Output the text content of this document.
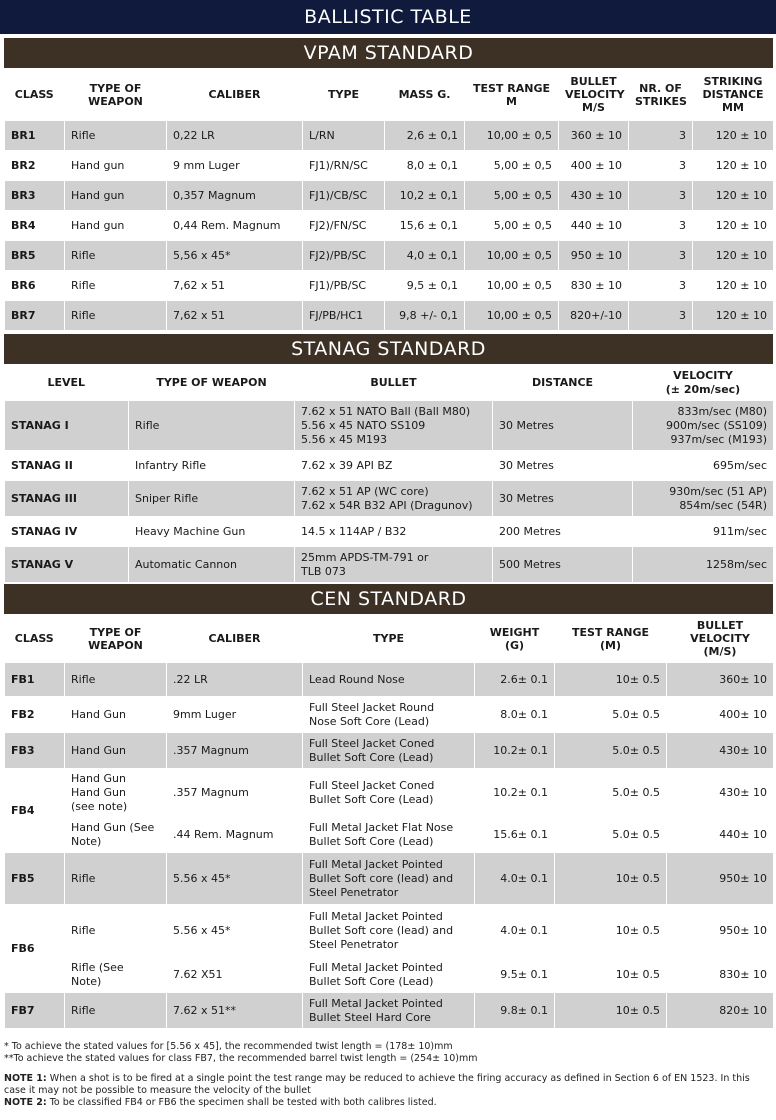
BALLISTIC TABLE
VPAM STANDARD
CLASS	TYPE OF WEAPON	CALIBER	TYPE	MASS G.	TEST RANGE M	BULLET VELOCITY M/S	NR. OF STRIKES	STRIKING DISTANCE MM
BR1	Rifle	0,22 LR	L/RN	2,6 ± 0,1	10,00 ± 0,5	360 ± 10	3	120 ± 10
BR2	Hand gun	9 mm Luger	FJ1)/RN/SC	8,0 ± 0,1	5,00 ± 0,5	400 ± 10	3	120 ± 10
BR3	Hand gun	0,357 Magnum	FJ1)/CB/SC	10,2 ± 0,1	5,00 ± 0,5	430 ± 10	3	120 ± 10
BR4	Hand gun	0,44 Rem. Magnum	FJ2)/FN/SC	15,6 ± 0,1	5,00 ± 0,5	440 ± 10	3	120 ± 10
BR5	Rifle	5,56 x 45*	FJ2)/PB/SC	4,0 ± 0,1	10,00 ± 0,5	950 ± 10	3	120 ± 10
BR6	Rifle	7,62 x 51	FJ1)/PB/SC	9,5 ± 0,1	10,00 ± 0,5	830 ± 10	3	120 ± 10
BR7	Rifle	7,62 x 51	FJ/PB/HC1	9,8 +/- 0,1	10,00 ± 0,5	820+/-10	3	120 ± 10
STANAG STANDARD
LEVEL	TYPE OF WEAPON	BULLET	DISTANCE	VELOCITY
(± 20m/sec)

STANAG I	Rifle	7.62 x 51 NATO Ball (Ball M80)
5.56 x 45 NATO SS109
5.56 x 45 M193	30 Metres	833m/sec (M80)
900m/sec (SS109)
937m/sec (M193)

STANAG II	Infantry Rifle	7.62 x 39 API BZ	30 Metres	695m/sec

STANAG III	Sniper Rifle	7.62 x 51 AP (WC core)
7.62 x 54R B32 API (Dragunov)	30 Metres	930m/sec (51 AP)
854m/sec (54R)

STANAG IV	Heavy Machine Gun	14.5 x 114AP / B32	200 Metres	911m/sec

STANAG V	Automatic Cannon	25mm APDS-TM-791 or
TLB 073	500 Metres	1258m/sec
CEN STANDARD
CLASS	TYPE OF WEAPON	CALIBER	TYPE	WEIGHT (G)	TEST RANGE (M)	BULLET VELOCITY (M/S)
FB1	Rifle	.22 LR	Lead Round Nose	2.6± 0.1	10± 0.5	360± 10
FB2	Hand Gun	9mm Luger	Full Steel Jacket Round
Nose Soft Core (Lead)	8.0± 0.1	5.0± 0.5	400± 10
FB3	Hand Gun	.357 Magnum	Full Steel Jacket Coned
Bullet Soft Core (Lead)	10.2± 0.1	5.0± 0.5	430± 10
FB4	Hand Gun
Hand Gun
(see note)	.357 Magnum	Full Steel Jacket Coned
Bullet Soft Core (Lead)	10.2± 0.1	5.0± 0.5	430± 10

	Hand Gun (See
Note)	.44 Rem. Magnum	Full Metal Jacket Flat Nose
Bullet Soft Core (Lead)	15.6± 0.1	5.0± 0.5	440± 10
FB5	Rifle	5.56 x 45*	Full Metal Jacket Pointed
Bullet Soft core (lead) and
Steel Penetrator	4.0± 0.1	10± 0.5	950± 10
FB6	Rifle	5.56 x 45*	Full Metal Jacket Pointed
Bullet Soft core (lead) and
Steel Penetrator	4.0± 0.1	10± 0.5	950± 10

	Rifle (See
Note)	7.62 X51	Full Metal Jacket Pointed
Bullet Soft Core (Lead)	9.5± 0.1	10± 0.5	830± 10
FB7	Rifle	7.62 x 51**	Full Metal Jacket Pointed
Bullet Steel Hard Core	9.8± 0.1	10± 0.5	820± 10
* To achieve the stated values for [5.56 x 45], the recommended twist length = (178± 10)mm
**To achieve the stated values for class FB7, the recommended barrel twist length = (254± 10)mm
NOTE 1: When a shot is to be fired at a single point the test range may be reduced to achieve the firing accuracy as defined in Section 6 of EN 1523. In this case it may not be possible to measure the velocity of the bullet
NOTE 2: To be classified FB4 or FB6 the specimen shall be tested with both calibres listed.
